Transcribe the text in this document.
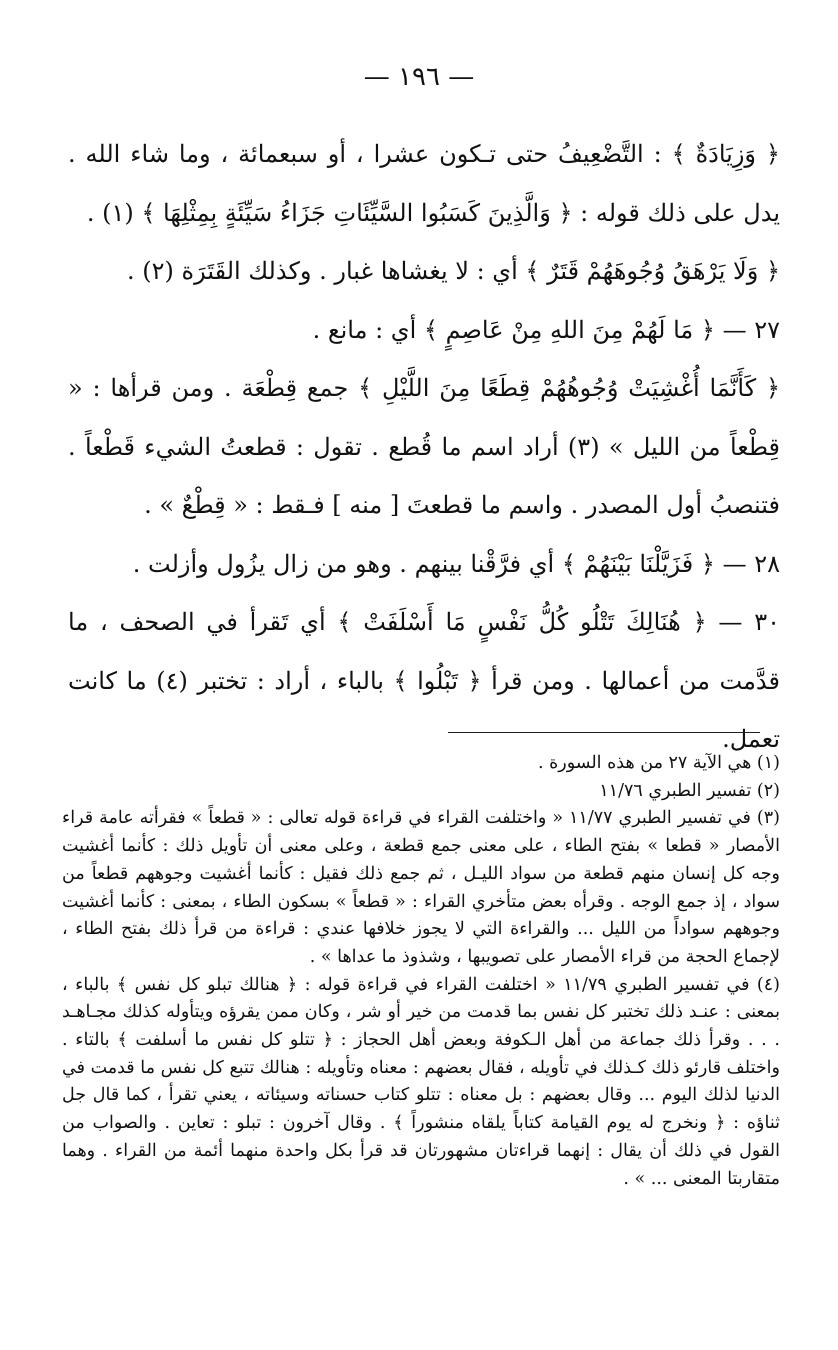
— ١٩٦ —

﴿ وَزِيَادَةٌ ﴾ : التَّضْعِيفُ حتى تـكون عشرا ، أو سبعمائة ، وما شاء الله . يدل على ذلك قوله : ﴿ وَالَّذِينَ كَسَبُوا السَّيِّئَاتِ جَزَاءُ سَيِّئَةٍ بِمِثْلِهَا ﴾ (١) .

﴿ وَلَا يَرْهَقُ وُجُوهَهُمْ قَتَرٌ ﴾ أي : لا يغشاها غبار . وكذلك القَتَرَة (٢) .

٢٧ — ﴿ مَا لَهُمْ مِنَ اللهِ مِنْ عَاصِمٍ ﴾ أي : مانع .

﴿ كَأَنَّمَا أُغْشِيَتْ وُجُوهُهُمْ قِطَعًا مِنَ اللَّيْلِ ﴾ جمع قِطْعَة . ومن قرأها : « قِطْعاً من الليل » (٣) أراد اسم ما قُطع . تقول : قطعتُ الشيء قَطْعاً . فتنصبُ أول المصدر . واسم ما قطعتَ [ منه ] فـقط : « قِطْعٌ » .

٢٨ — ﴿ فَزَيَّلْنَا بَيْنَهُمْ ﴾ أي فرَّقْنا بينهم . وهو من زال يزُول وأزلت .

٣٠ — ﴿ هُنَالِكَ تَتْلُو كُلُّ نَفْسٍ مَا أَسْلَفَتْ ﴾ أي تَقرأ في الصحف ، ما قدَّمت من أعمالها . ومن قرأ ﴿ تَبْلُوا ﴾ بالباء ، أراد : تختبر (٤) ما كانت تعمل.

(١) هي الآية ٢٧ من هذه السورة .

(٢) تفسير الطبري ١١/٧٦

(٣) في تفسير الطبري ١١/٧٧ « واختلفت القراء في قراءة قوله تعالى : « قطعاً » فقرأته عامة قراء الأمصار « قطعا » بفتح الطاء ، على معنى جمع قطعة ، وعلى معنى أن تأويل ذلك : كأنما أغشيت وجه كل إنسان منهم قطعة من سواد الليـل ، ثم جمع ذلك فقيل : كأنما أغشيت وجوههم قطعاً من سواد ، إذ جمع الوجه . وقرأه بعض متأخري القراء : « قطعاً » بسكون الطاء ، بمعنى : كأنما أغشيت وجوههم سواداً من الليل ... والقراءة التي لا يجوز خلافها عندي : قراءة من قرأ ذلك بفتح الطاء ، لإجماع الحجة من قراء الأمصار على تصويبها ، وشذوذ ما عداها » .

(٤) في تفسير الطبري ١١/٧٩ « اختلفت القراء في قراءة قوله : ﴿ هنالك تبلو كل نفس ﴾ بالباء ، بمعنى : عنـد ذلك تختبر كل نفس بما قدمت من خير أو شر ، وكان ممن يقرؤه ويتأوله كذلك مجـاهـد . . . وقرأ ذلك جماعة من أهل الـكوفة وبعض أهل الحجاز : ﴿ تتلو كل نفس ما أسلفت ﴾ بالتاء . واختلف قارئو ذلك كـذلك في تأويله ، فقال بعضهم : معناه وتأويله : هنالك تتبع كل نفس ما قدمت في الدنيا لذلك اليوم ... وقال بعضهم : بل معناه : تتلو كتاب حسناته وسيئاته ، يعني تقرأ ، كما قال جل ثناؤه : ﴿ ونخرج له يوم القيامة كتاباً يلقاه منشوراً ﴾ . وقال آخرون : تبلو : تعاين . والصواب من القول في ذلك أن يقال : إنهما قراءتان مشهورتان قد قرأ بكل واحدة منهما أئمة من القراء . وهما متقاربتا المعنى ... » .
